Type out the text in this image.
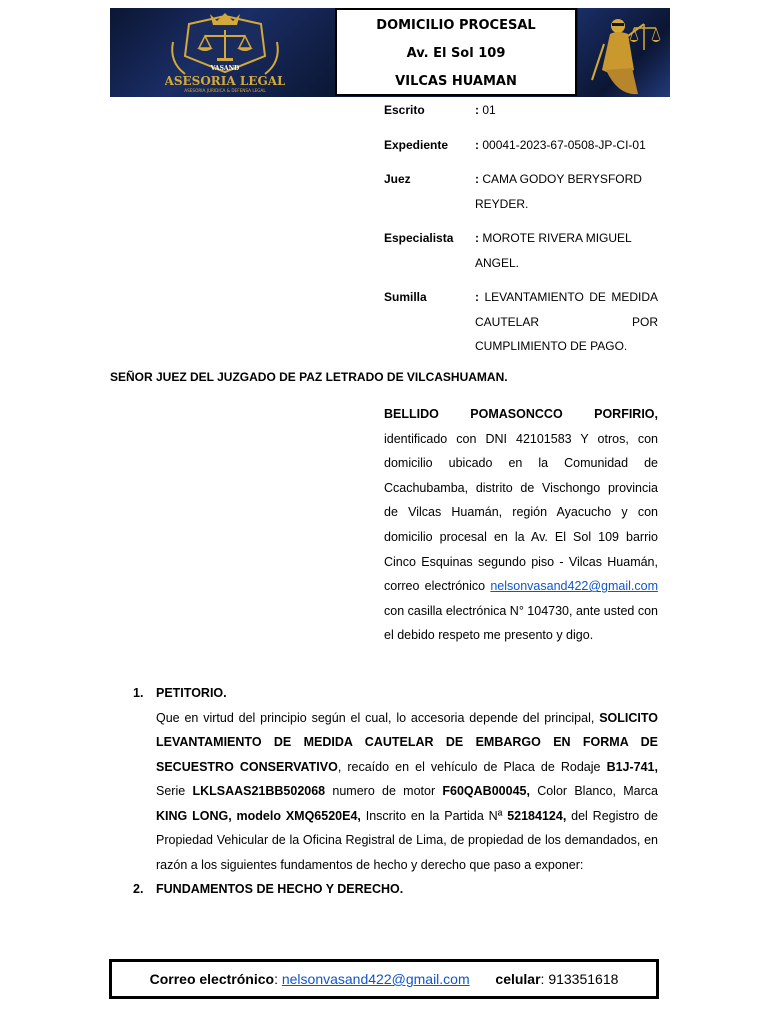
VASAND
ASESORIA LEGAL
ASESORIA JURIDICA & DEFENSA LEGAL
DOMICILIO PROCESAL
Av. El Sol 109
VILCAS HUAMAN
Escrito	: 01
Expediente : 00041-2023-67-0508-JP-CI-01
Juez	: CAMA GODOY BERYSFORD REYDER.
Especialista : MOROTE RIVERA MIGUEL ANGEL.
Sumilla	: LEVANTAMIENTO DE MEDIDA CAUTELAR POR CUMPLIMIENTO DE PAGO.
SEÑOR JUEZ DEL JUZGADO DE PAZ LETRADO DE VILCASHUAMAN.
BELLIDO POMASONCCO PORFIRIO, identificado con DNI 42101583 Y otros, con domicilio ubicado en la Comunidad de Ccachubamba, distrito de Vischongo provincia de Vilcas Huamán, región Ayacucho y con domicilio procesal en la Av. El Sol 109 barrio Cinco Esquinas segundo piso - Vilcas Huamán, correo electrónico nelsonvasand422@gmail.com con casilla electrónica N° 104730, ante usted con el debido respeto me presento y digo.
1. PETITORIO.
Que en virtud del principio según el cual, lo accesoria depende del principal, SOLICITO LEVANTAMIENTO DE MEDIDA CAUTELAR DE EMBARGO EN FORMA DE SECUESTRO CONSERVATIVO, recaído en el vehículo de Placa de Rodaje B1J-741, Serie LKLSAAS21BB502068 numero de motor F60QAB00045, Color Blanco, Marca KING LONG, modelo XMQ6520E4, Inscrito en la Partida Nª 52184124, del Registro de Propiedad Vehicular de la Oficina Registral de Lima, de propiedad de los demandados, en razón a los siguientes fundamentos de hecho y derecho que paso a exponer:
2. FUNDAMENTOS DE HECHO Y DERECHO.
Correo electrónico: nelsonvasand422@gmail.com celular: 913351618
